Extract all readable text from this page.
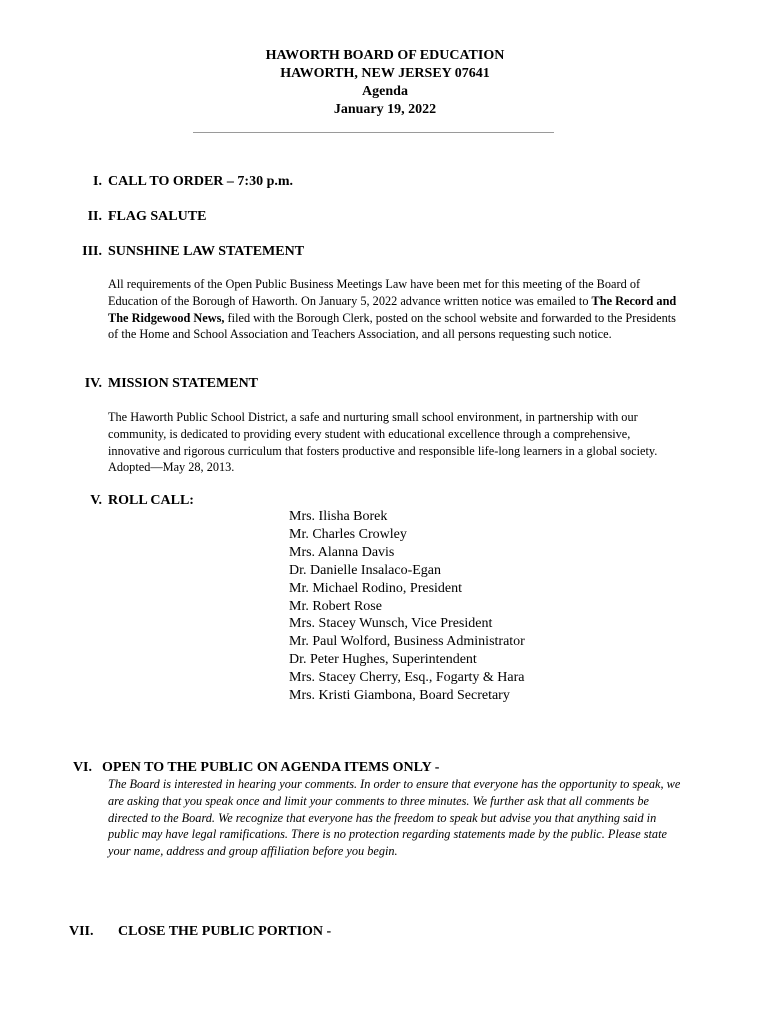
HAWORTH BOARD OF EDUCATION
HAWORTH, NEW JERSEY 07641
Agenda
January 19, 2022
I. CALL TO ORDER – 7:30 p.m.
II. FLAG SALUTE
III. SUNSHINE LAW STATEMENT

All requirements of the Open Public Business Meetings Law have been met for this meeting of the Board of Education of the Borough of Haworth. On January 5, 2022 advance written notice was emailed to The Record and The Ridgewood News, filed with the Borough Clerk, posted on the school website and forwarded to the Presidents of the Home and School Association and Teachers Association, and all persons requesting such notice.

IV. MISSION STATEMENT

The Haworth Public School District, a safe and nurturing small school environment, in partnership with our community, is dedicated to providing every student with educational excellence through a comprehensive, innovative and rigorous curriculum that fosters productive and responsible life-long learners in a global society. Adopted—May 28, 2013.

V. ROLL CALL:
Mrs. Ilisha Borek
Mr. Charles Crowley
Mrs. Alanna Davis
Dr. Danielle Insalaco-Egan
Mr. Michael Rodino, President
Mr. Robert Rose
Mrs. Stacey Wunsch, Vice President
Mr. Paul Wolford, Business Administrator
Dr. Peter Hughes, Superintendent
Mrs. Stacey Cherry, Esq., Fogarty & Hara
Mrs. Kristi Giambona, Board Secretary
VI. OPEN TO THE PUBLIC ON AGENDA ITEMS ONLY -

The Board is interested in hearing your comments. In order to ensure that everyone has the opportunity to speak, we are asking that you speak once and limit your comments to three minutes. We further ask that all comments be directed to the Board. We recognize that everyone has the freedom to speak but advise you that anything said in public may have legal ramifications. There is no protection regarding statements made by the public. Please state your name, address and group affiliation before you begin.

VII. CLOSE THE PUBLIC PORTION -
